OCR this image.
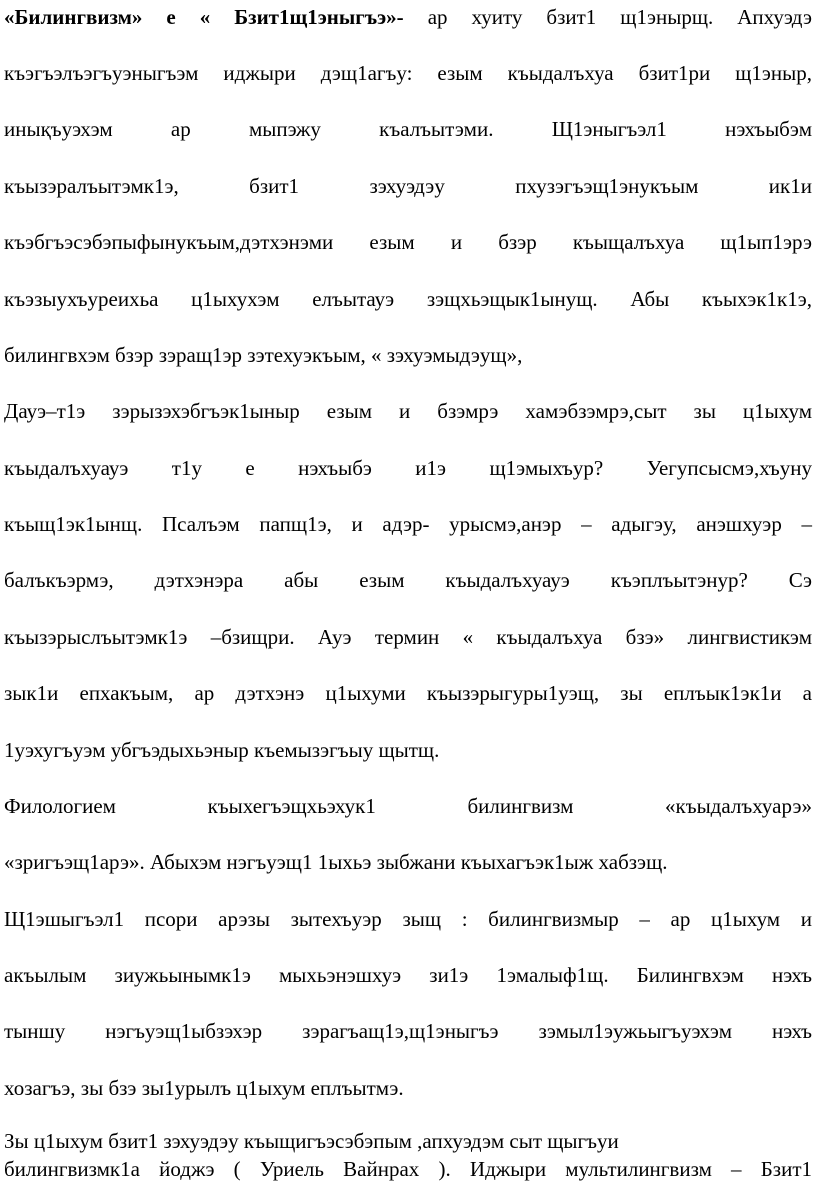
«Билингвизм» е « Бзит1щ1эныгъэ»- ар хуиту бзит1 щ1энырщ. Апхуэдэ
къэгъэлъэгъуэныгъэм иджыри дэщ1агъу: езым къыдалъхуа бзит1ри щ1эныр,
инықъуэхэм ар мыпэжу къалъытэми. Щ1эныгъэл1 нэхъыбэм
къызэралъытэмк1э, бзит1 зэхуэдэу пхузэгъэщ1энукъым ик1и
къэбгъэсэбэпыфынукъым,дэтхэнэми езым и бзэр къыщалъхуа щ1ып1эрэ
къэзыухъуреихьа ц1ыхухэм елъытауэ зэщхьэщык1ынущ. Абы къыхэк1к1э,
билингвхэм бзэр зэращ1эр зэтехуэкъым, « зэхуэмыдэущ»,
Дауэ–т1э зэрызэхэбгъэк1ыныр езым и бзэмрэ хамэбзэмрэ,сыт зы ц1ыхум
къыдалъхуауэ т1у е нэхъыбэ и1э щ1эмыхъур? Уегупсысмэ,хъуну
къыщ1эк1ынщ. Псалъэм папщ1э, и адэр- урысмэ,анэр – адыгэу, анэшхуэр –
балъкъэрмэ, дэтхэнэра абы езым къыдалъхуауэ къэплъытэнур? Сэ
къызэрыслъытэмк1э –бзищри. Ауэ термин « къыдалъхуа бзэ» лингвистикэм
зык1и епхакъым, ар дэтхэнэ ц1ыхуми къызэрыгуры1уэщ, зы еплъык1эк1и а
1уэхугъуэм убгъэдыхьэныр къемызэгъыу щытщ.
Филологием къыхегъэщхьэхук1 билингвизм «къыдалъхуарэ»
«зригъэщ1арэ». Абыхэм нэгъуэщ1 1ыхьэ зыбжани къыхагъэк1ыж хабзэщ.
Щ1эшыгъэл1 псори арэзы зытехъуэр зыщ : билингвизмыр – ар ц1ыхум и
акъылым зиужьынымк1э мыхьэнэшхуэ зи1э 1эмалыф1щ. Билингвхэм нэхъ
тыншу нэгъуэщ1ыбзэхэр зэрагъащ1э,щ1эныгъэ зэмыл1эужьыгъуэхэм нэхъ
хозагъэ, зы бзэ зы1урылъ ц1ыхум еплъытмэ.
Зы ц1ыхум бзит1 зэхуэдэу къыщигъэсэбэпым ,апхуэдэм сыт щыгъуи
билингвизмк1а йоджэ ( Уриель Вайнрах ). Иджыри мультилингвизм – Бзит1
